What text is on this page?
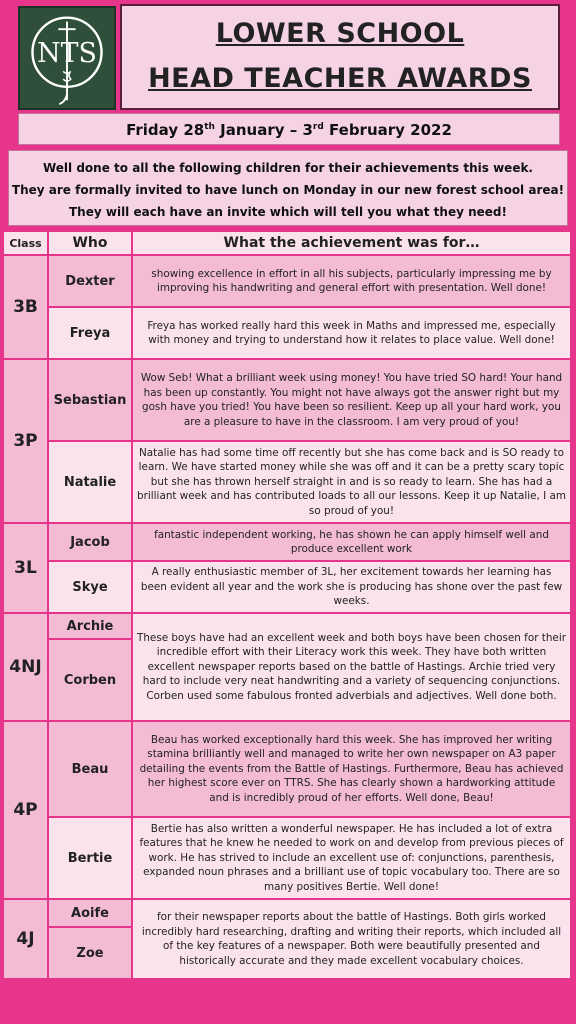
NTS
LOWER SCHOOL
HEAD TEACHER AWARDS
Friday 28th January – 3rd February 2022
Well done to all the following children for their achievements this week.
They are formally invited to have lunch on Monday in our new forest school area!
They will each have an invite which will tell you what they need!
Class	Who	What the achievement was for…
3B	Dexter	showing excellence in effort in all his subjects, particularly impressing me by improving his handwriting and general effort with presentation. Well done!
	Freya	Freya has worked really hard this week in Maths and impressed me, especially with money and trying to understand how it relates to place value. Well done!
3P	Sebastian	Wow Seb! What a brilliant week using money! You have tried SO hard! Your hand has been up constantly. You might not have always got the answer right but my gosh have you tried! You have been so resilient. Keep up all your hard work, you are a pleasure to have in the classroom. I am very proud of you!
	Natalie	Natalie has had some time off recently but she has come back and is SO ready to learn. We have started money while she was off and it can be a pretty scary topic but she has thrown herself straight in and is so ready to learn. She has had a brilliant week and has contributed loads to all our lessons. Keep it up Natalie, I am so proud of you!
3L	Jacob	fantastic independent working, he has shown he can apply himself well and produce excellent work
	Skye	A really enthusiastic member of 3L, her excitement towards her learning has been evident all year and the work she is producing has shone over the past few weeks.
4NJ	Archie	These boys have had an excellent week and both boys have been chosen for their incredible effort with their Literacy work this week. They have both written excellent newspaper reports based on the battle of Hastings. Archie tried very hard to include very neat handwriting and a variety of sequencing conjunctions. Corben used some fabulous fronted adverbials and adjectives. Well done both.
	Corben	
4P	Beau	Beau has worked exceptionally hard this week. She has improved her writing stamina brilliantly well and managed to write her own newspaper on A3 paper detailing the events from the Battle of Hastings. Furthermore, Beau has achieved her highest score ever on TTRS. She has clearly shown a hardworking attitude and is incredibly proud of her efforts. Well done, Beau!
	Bertie	Bertie has also written a wonderful newspaper. He has included a lot of extra features that he knew he needed to work on and develop from previous pieces of work. He has strived to include an excellent use of: conjunctions, parenthesis, expanded noun phrases and a brilliant use of topic vocabulary too. There are so many positives Bertie. Well done!
4J	Aoife	for their newspaper reports about the battle of Hastings. Both girls worked incredibly hard researching, drafting and writing their reports, which included all of the key features of a newspaper. Both were beautifully presented and historically accurate and they made excellent vocabulary choices.
	Zoe	
